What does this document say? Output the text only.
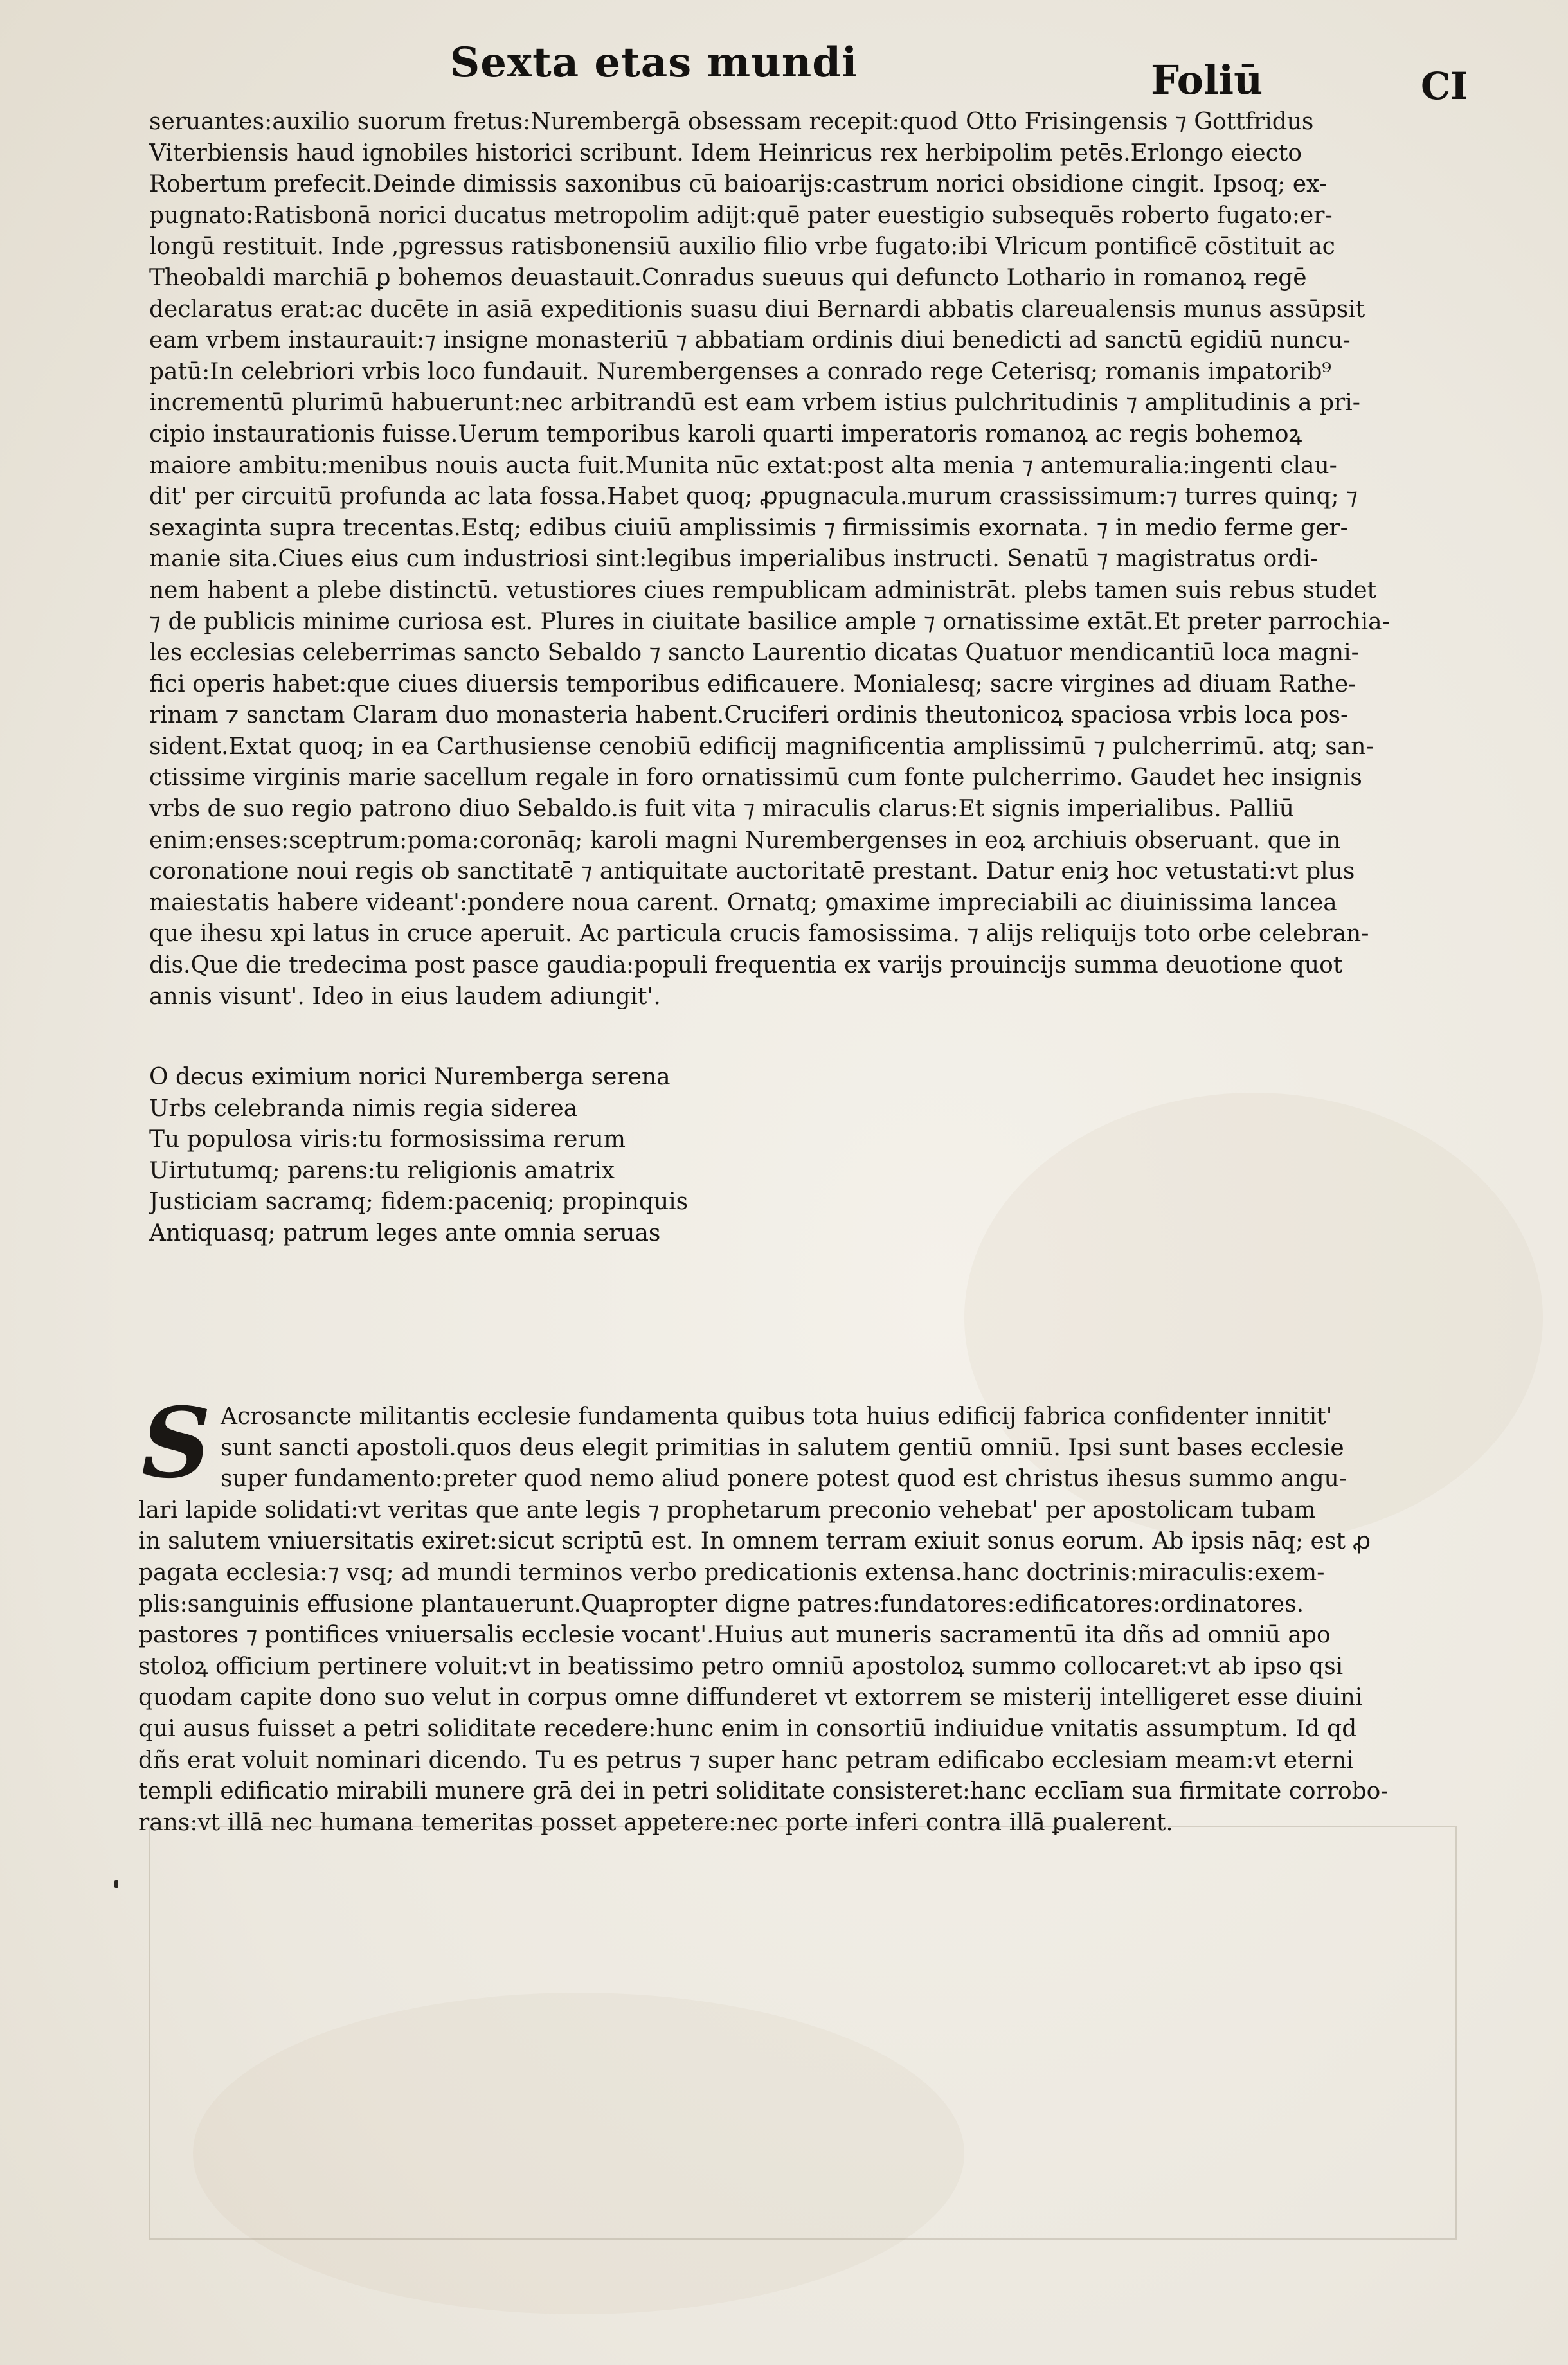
Sexta etas mundi	Foliū	CI
seruantes:auxilio suorum fretus:Nurembergā obsessam recepit:quod Otto Frisingensis ⁊ Gottfridus
Viterbiensis haud ignobiles historici scribunt. Idem Heinricus rex herbipolim petēs.Erlongo eiecto
Robertum prefecit.Deinde dimissis saxonibus cū baioarijs:castrum norici obsidione cingit. Ipsoq; ex-
pugnato:Ratisbonā norici ducatus metropolim adijt:quē pater euestigio subsequēs roberto fugato:er-
longū restituit. Inde ,pgressus ratisbonensiū auxilio filio vrbe fugato:ibi Vlricum pontificē cōstituit ac
Theobaldi marchiā ꝑ bohemos deuastauit.Conradus sueuus qui defuncto Lothario in romanoꝝ regē
declaratus erat:ac ducēte in asiā expeditionis suasu diui Bernardi abbatis clareualensis munus assūpsit
eam vrbem instaurauit:⁊ insigne monasteriū ⁊ abbatiam ordinis diui benedicti ad sanctū egidiū nuncu-
patū:In celebriori vrbis loco fundauit. Nurembergenses a conrado rege Ceterisq; romanis imꝑatorib⁹
incrementū plurimū habuerunt:nec arbitrandū est eam vrbem istius pulchritudinis ⁊ amplitudinis a pri-
cipio instaurationis fuisse.Uerum temporibus karoli quarti imperatoris romanoꝝ ac regis bohemoꝝ
maiore ambitu:menibus nouis aucta fuit.Munita nūc extat:post alta menia ⁊ antemuralia:ingenti clau-
dit' per circuitū profunda ac lata fossa.Habet quoq; ꝓpugnacula.murum crassissimum:⁊ turres quinq; ⁊
sexaginta supra trecentas.Estq; edibus ciuiū amplissimis ⁊ firmissimis exornata. ⁊ in medio ferme ger-
manie sita.Ciues eius cum industriosi sint:legibus imperialibus instructi. Senatū ⁊ magistratus ordi-
nem habent a plebe distinctū. vetustiores ciues rempublicam administrāt. plebs tamen suis rebus studet
⁊ de publicis minime curiosa est. Plures in ciuitate basilice ample ⁊ ornatissime extāt.Et preter parrochia-
les ecclesias celeberrimas sancto Sebaldo ⁊ sancto Laurentio dicatas Quatuor mendicantiū loca magni-
fici operis habet:que ciues diuersis temporibus edificauere. Monialesq; sacre virgines ad diuam Rathe-
rinam ⁊ sanctam Claram duo monasteria habent.Cruciferi ordinis theutonicoꝝ spaciosa vrbis loca pos-
sident.Extat quoq; in ea Carthusiense cenobiū edificij magnificentia amplissimū ⁊ pulcherrimū. atq; san-
ctissime virginis marie sacellum regale in foro ornatissimū cum fonte pulcherrimo. Gaudet hec insignis
vrbs de suo regio patrono diuo Sebaldo.is fuit vita ⁊ miraculis clarus:Et signis imperialibus. Palliū
enim:enses:sceptrum:poma:coronāq; karoli magni Nurembergenses in eoꝝ archiuis obseruant. que in
coronatione noui regis ob sanctitatē ⁊ antiquitate auctoritatē prestant. Datur eniȝ hoc vetustati:vt plus
maiestatis habere videant':pondere noua carent. Ornatq; ꝯmaxime impreciabili ac diuinissima lancea
que ihesu xpi latus in cruce aperuit. Ac particula crucis famosissima. ⁊ alijs reliquijs toto orbe celebran-
dis.Que die tredecima post pasce gaudia:populi frequentia ex varijs prouincijs summa deuotione quot
annis visunt'. Ideo in eius laudem adiungit'.
O decus eximium norici Nuremberga serena
Urbs celebranda nimis regia siderea
Tu populosa viris:tu formosissima rerum
Uirtutumq; parens:tu religionis amatrix
Justiciam sacramq; fidem:paceniq; propinquis
Antiquasq; patrum leges ante omnia seruas
S Acrosancte militantis ecclesie fundamenta quibus tota huius edificij fabrica confidenter innitit'
sunt sancti apostoli.quos deus elegit primitias in salutem gentiū omniū. Ipsi sunt bases ecclesie
super fundamento:preter quod nemo aliud ponere potest quod est christus ihesus summo angu-
lari lapide solidati:vt veritas que ante legis ⁊ prophetarum preconio vehebat' per apostolicam tubam
in salutem vniuersitatis exiret:sicut scriptū est. In omnem terram exiuit sonus eorum. Ab ipsis nāq; est ꝓ
pagata ecclesia:⁊ vsq; ad mundi terminos verbo predicationis extensa.hanc doctrinis:miraculis:exem-
plis:sanguinis effusione plantauerunt.Quapropter digne patres:fundatores:edificatores:ordinatores.
pastores ⁊ pontifices vniuersalis ecclesie vocant'.Huius aut muneris sacramentū ita dñs ad omniū apo
stoloꝝ officium pertinere voluit:vt in beatissimo petro omniū apostoloꝝ summo collocaret:vt ab ipso qsi
quodam capite dono suo velut in corpus omne diffunderet vt extorrem se misterij intelligeret esse diuini
qui ausus fuisset a petri soliditate recedere:hunc enim in consortiū indiuidue vnitatis assumptum. Id qd
dñs erat voluit nominari dicendo. Tu es petrus ⁊ super hanc petram edificabo ecclesiam meam:vt eterni
templi edificatio mirabili munere grā dei in petri soliditate consisteret:hanc ecclīam sua firmitate corrobo-
rans:vt illā nec humana temeritas posset appetere:nec porte inferi contra illā ꝑualerent.
